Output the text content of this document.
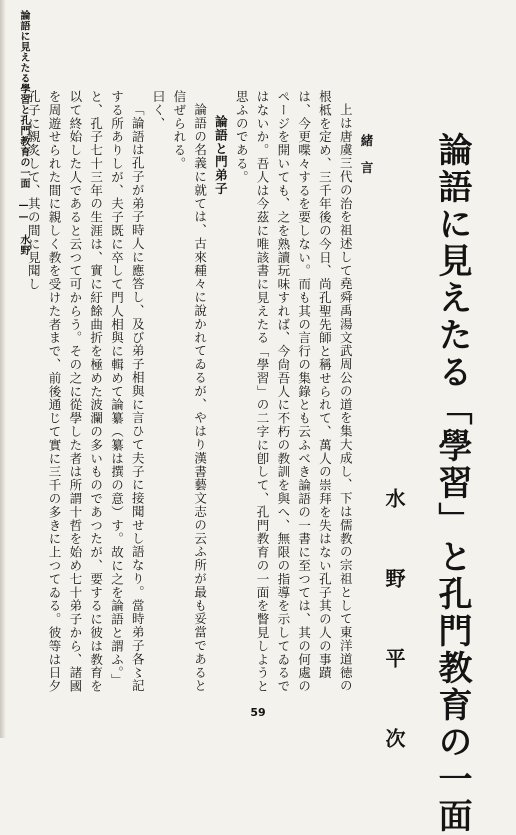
論語に見えたる學習と孔門教育の一面 —— 水野	論語に見えたる「學習」と孔門教育の一面
水 野 平 次

緒　言

上は唐虞三代の治を祖述して堯舜禹湯文武周公の道を集大成し、下は儒教の宗祖として東洋道徳の根柢を定め、三千年後の今日、尚孔聖先師と稱せられて、萬人の崇拜を失はない孔子其の人の事蹟は、今更喋々するを要しない。而も其の言行の集錄とも云ふべき論語の一書に至つては、其の何處のページを開いても、之を熟讀玩味すれば、今尙吾人に不朽の教訓を與へ、無限の指導を示してゐるではないか。吾人は今茲に唯該書に見えたる「學習」の二字に卽して、孔門教育の一面を瞥見しようと思ふのである。

論語と門弟子

論語の名義に就ては、古來種々に說かれてゐるが、やはり漢書藝文志の云ふ所が最も妥當であると信ぜられる。

曰く、

「論語は孔子が弟子時人に應答し、及び弟子相與に言ひて夫子に接聞せし語なり。當時弟子各〻記する所ありしが、夫子既に卒して門人相與に輯めて論纂（纂は撰の意）す。故に之を論語と謂ふ。」

と、孔子七十三年の生涯は、實に紆餘曲折を極めた波瀾の多いものであつたが、要するに彼は教育を以て終始した人であると云つて可からう。その之に從學した者は所謂十哲を始め七十弟子から、諸國を周遊せられた間に親しく教を受けた者まで、前後通じて實に三千の多きに上つてゐる。彼等は日夕孔子に親炙して、其の間に見聞し

59
